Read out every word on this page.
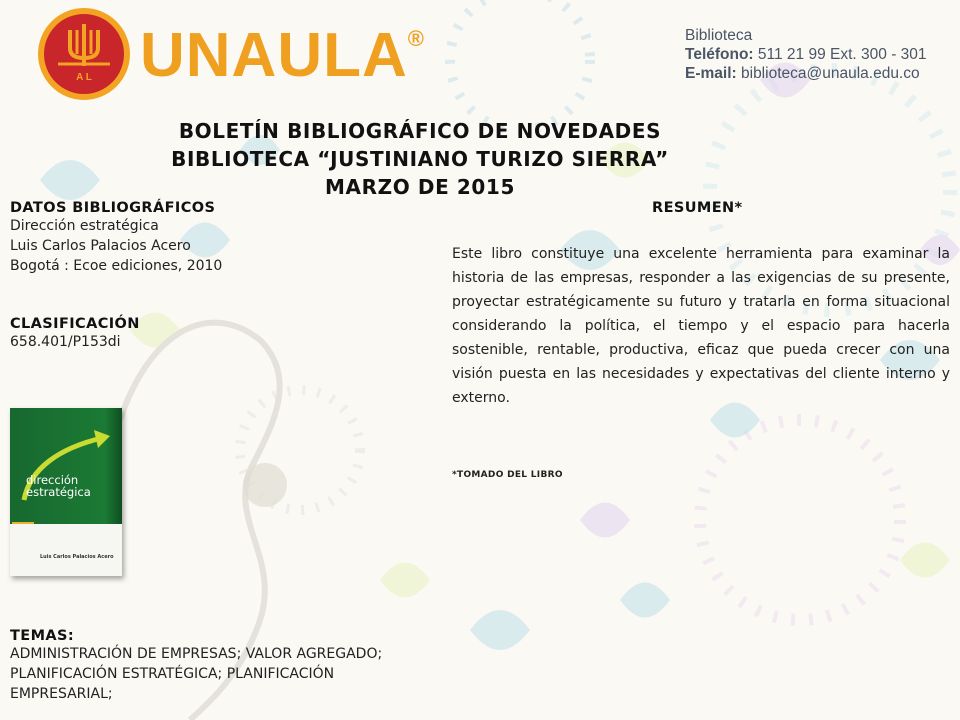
A L UNAULA®	Biblioteca
Teléfono: 511 21 99 Ext. 300 - 301
E-mail: biblioteca@unaula.edu.co
BOLETÍN BIBLIOGRÁFICO DE NOVEDADES
BIBLIOTECA “JUSTINIANO TURIZO SIERRA”
MARZO DE 2015
DATOS BIBLIOGRÁFICOS
Dirección estratégica
Luis Carlos Palacios Acero
Bogotá : Ecoe ediciones, 2010
CLASIFICACIÓN
658.401/P153di
dirección
estratégica
Luis Carlos Palacios Acero
TEMAS:
ADMINISTRACIÓN DE EMPRESAS; VALOR AGREGADO;
PLANIFICACIÓN ESTRATÉGICA; PLANIFICACIÓN
EMPRESARIAL;
RESUMEN*
Este libro constituye una excelente herramienta para examinar la historia de las empresas, responder a las exigencias de su presente, proyectar estratégicamente su futuro y tratarla en forma situacional considerando la política, el tiempo y el espacio para hacerla sostenible, rentable, productiva, eficaz que pueda crecer con una visión puesta en las necesidades y expectativas del cliente interno y externo.
*TOMADO DEL LIBRO
